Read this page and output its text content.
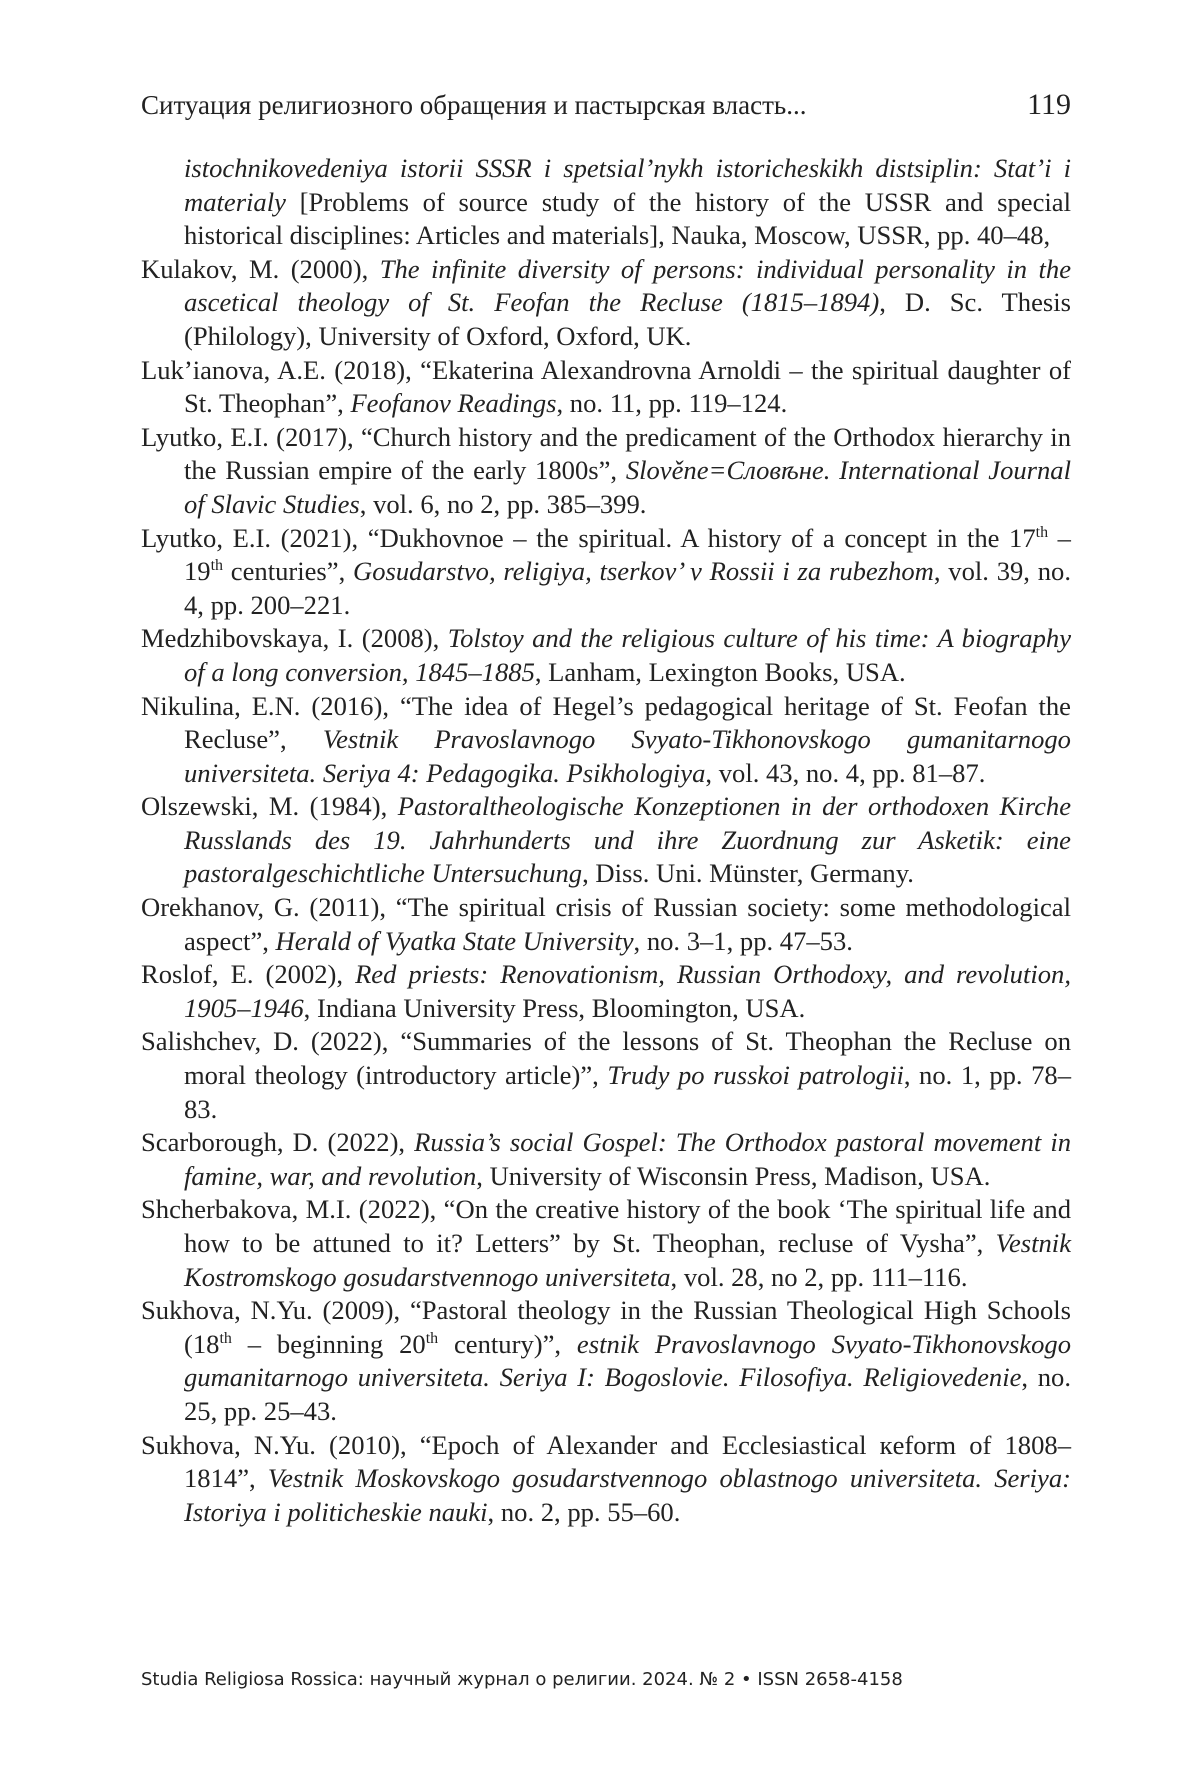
Ситуация религиозного обращения и пастырская власть...	119

istochnikovedeniya istorii SSSR i spetsial’nykh istoricheskikh distsiplin: Stat’i i materialy [Problems of source study of the history of the USSR and special historical disciplines: Articles and materials], Nauka, Moscow, USSR, pp. 40–48,

Kulakov, M. (2000), The infinite diversity of persons: individual personality in the ascetical theology of St. Feofan the Recluse (1815–1894), D. Sc. Thesis (Philology), University of Oxford, Oxford, UK.

Luk’ianova, A.E. (2018), “Ekaterina Alexandrovna Arnoldi – the spiritual daughter of St. Theophan”, Feofanov Readings, no. 11, pp. 119–124.

Lyutko, E.I. (2017), “Church history and the predicament of the Orthodox hierarchy in the Russian empire of the early 1800s”, Slověne=Словѣне. International Journal of Slavic Studies, vol. 6, no 2, pp. 385–399.

Lyutko, E.I. (2021), “Dukhovnoe – the spiritual. A history of a concept in the 17th – 19th centuries”, Gosudarstvo, religiya, tserkov’ v Rossii i za rubezhom, vol. 39, no. 4, pp. 200–221.

Medzhibovskaya, I. (2008), Tolstoy and the religious culture of his time: A biography of a long conversion, 1845–1885, Lanham, Lexington Books, USA.

Nikulina, E.N. (2016), “The idea of Hegel’s pedagogical heritage of St. Feofan the Recluse”, Vestnik Pravoslavnogo Svyato-Tikhonovskogo gumanitarnogo universiteta. Seriya 4: Pedagogika. Psikhologiya, vol. 43, no. 4, pp. 81–87.

Olszewski, M. (1984), Pastoraltheologische Konzeptionen in der orthodoxen Kirche Russlands des 19. Jahrhunderts und ihre Zuordnung zur Asketik: eine pastoralgeschichtliche Untersuchung, Diss. Uni. Münster, Germany.

Orekhanov, G. (2011), “The spiritual crisis of Russian society: some methodological aspect”, Herald of Vyatka State University, no. 3–1, pp. 47–53.

Roslof, E. (2002), Red priests: Renovationism, Russian Orthodoxy, and revolution, 1905–1946, Indiana University Press, Bloomington, USA.

Salishchev, D. (2022), “Summaries of the lessons of St. Theophan the Recluse on moral theology (introductory article)”, Trudy po russkoi patrologii, no. 1, pp. 78–83.

Scarborough, D. (2022), Russia’s social Gospel: The Orthodox pastoral movement in famine, war, and revolution, University of Wisconsin Press, Madison, USA.

Shcherbakova, M.I. (2022), “On the creative history of the book ‘The spiritual life and how to be attuned to it? Letters” by St. Theophan, recluse of Vysha”, Vestnik Kostromskogo gosudarstvennogo universiteta, vol. 28, no 2, pp. 111–116.

Sukhova, N.Yu. (2009), “Pastoral theology in the Russian Theological High Schools (18th – beginning 20th century)”, estnik Pravoslavnogo Svyato-Tikhonovskogo gumanitarnogo universiteta. Seriya I: Bogoslovie. Filosofiya. Religiovedenie, no. 25, pp. 25–43.

Sukhova, N.Yu. (2010), “Epoch of Alexander and Ecclesiastical кeform of 1808–1814”, Vestnik Moskovskogo gosudarstvennogo oblastnogo universiteta. Seriya: Istoriya i politicheskie nauki, no. 2, pp. 55–60.

Studia Religiosa Rossica: научный журнал о религии. 2024. № 2 • ISSN 2658-4158
